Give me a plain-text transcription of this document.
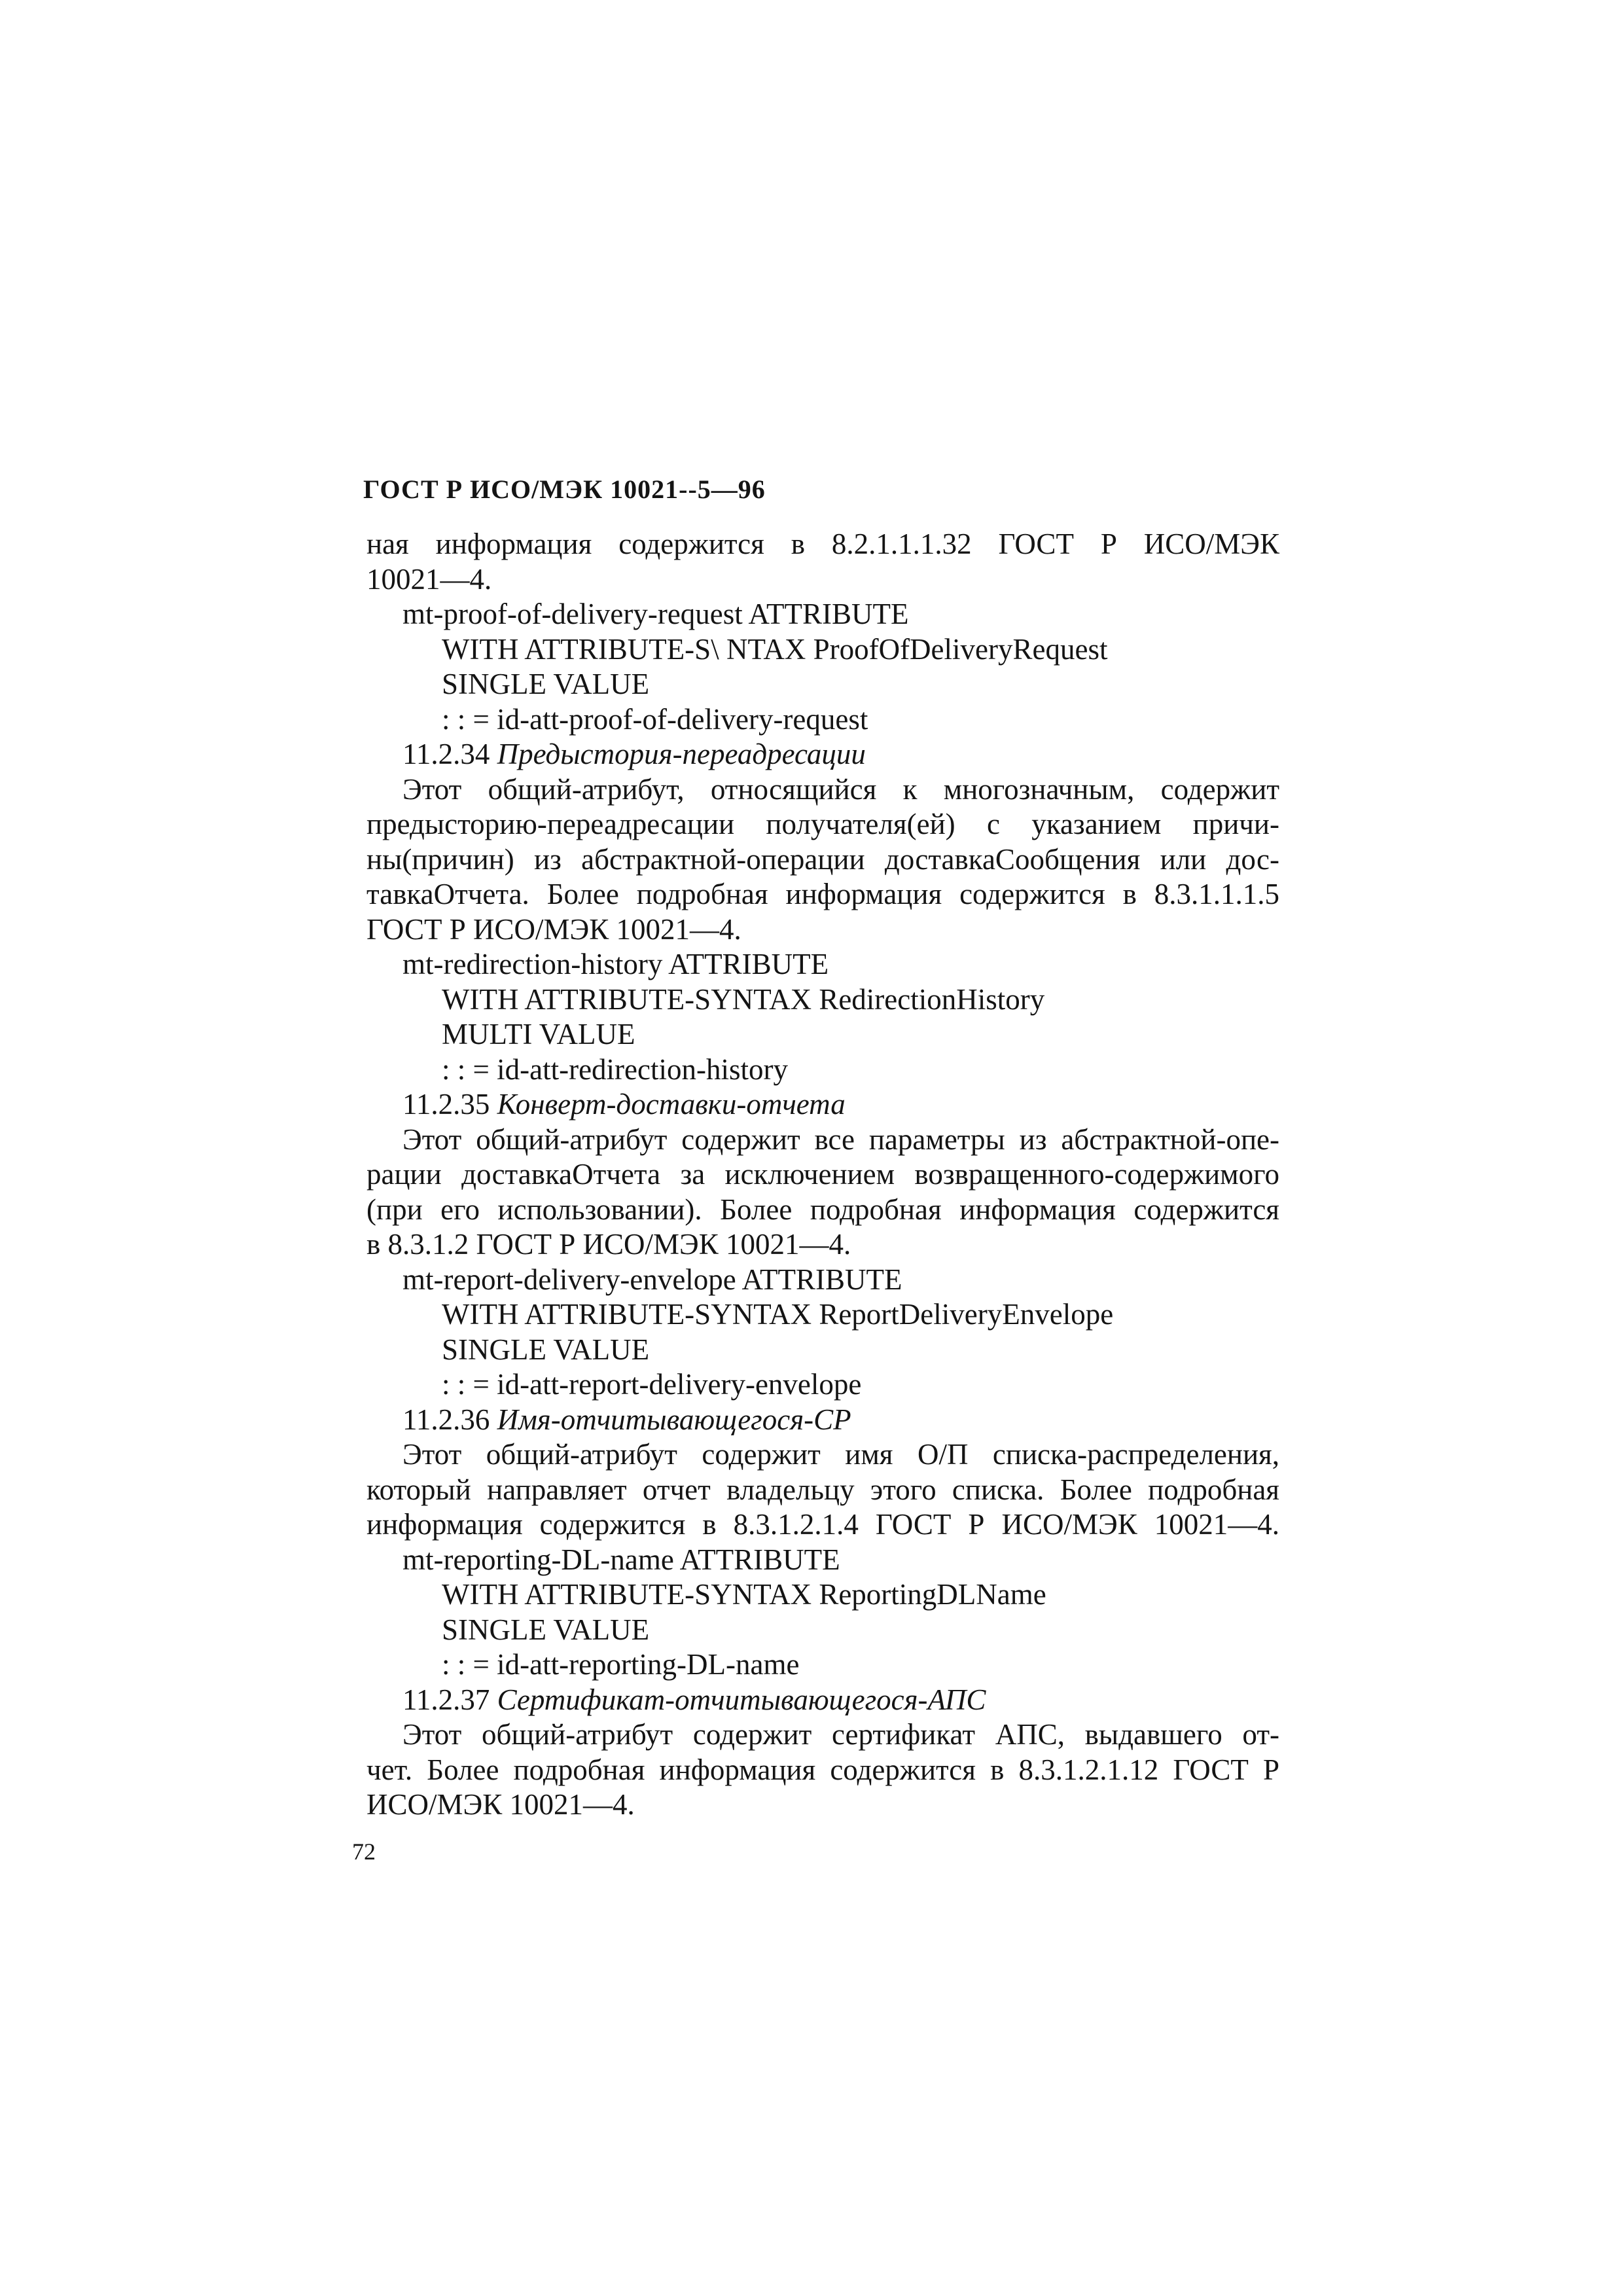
ГОСТ Р ИСО/МЭК 10021--5—96
ная информация содержится в 8.2.1.1.1.32 ГОСТ Р ИСО/МЭК
10021—4.
mt-proof-of-delivery-request ATTRIBUTE
WITH ATTRIBUTE-S\ NTAX ProofOfDeliveryRequest
SINGLE VALUE
: : = id-att-proof-of-delivery-request
11.2.34 Предыстория-переадресации
Этот общий-атрибут, относящийся к многозначным, содержит
предысторию-переадресации получателя(ей) с указанием причи-
ны(причин) из абстрактной-операции доставкаСообщения или дос-
тавкаОтчета. Более подробная информация содержится в 8.3.1.1.1.5
ГОСТ Р ИСО/МЭК 10021—4.
mt-redirection-history ATTRIBUTE
WITH ATTRIBUTE-SYNTAX RedirectionHistory
MULTI VALUE
: : = id-att-redirection-history
11.2.35 Конверт-доставки-отчета
Этот общий-атрибут содержит все параметры из абстрактной-опе-
рации доставкаОтчета за исключением возвращенного-содержимого
(при его использовании). Более подробная информация содержится
в 8.3.1.2 ГОСТ Р ИСО/МЭК 10021—4.
mt-report-delivery-envelope ATTRIBUTE
WITH ATTRIBUTE-SYNTAX ReportDeliveryEnvelope
SINGLE VALUE
: : = id-att-report-delivery-envelope
11.2.36 Имя-отчитывающегося-СР
Этот общий-атрибут содержит имя О/П списка-распределения,
который направляет отчет владельцу этого списка. Более подробная
информация содержится в 8.3.1.2.1.4 ГОСТ Р ИСО/МЭК 10021—4.
mt-reporting-DL-name ATTRIBUTE
WITH ATTRIBUTE-SYNTAX ReportingDLName
SINGLE VALUE
: : = id-att-reporting-DL-name
11.2.37 Сертификат-отчитывающегося-АПС
Этот общий-атрибут содержит сертификат АПС, выдавшего от-
чет. Более подробная информация содержится в 8.3.1.2.1.12 ГОСТ Р
ИСО/МЭК 10021—4.
72
